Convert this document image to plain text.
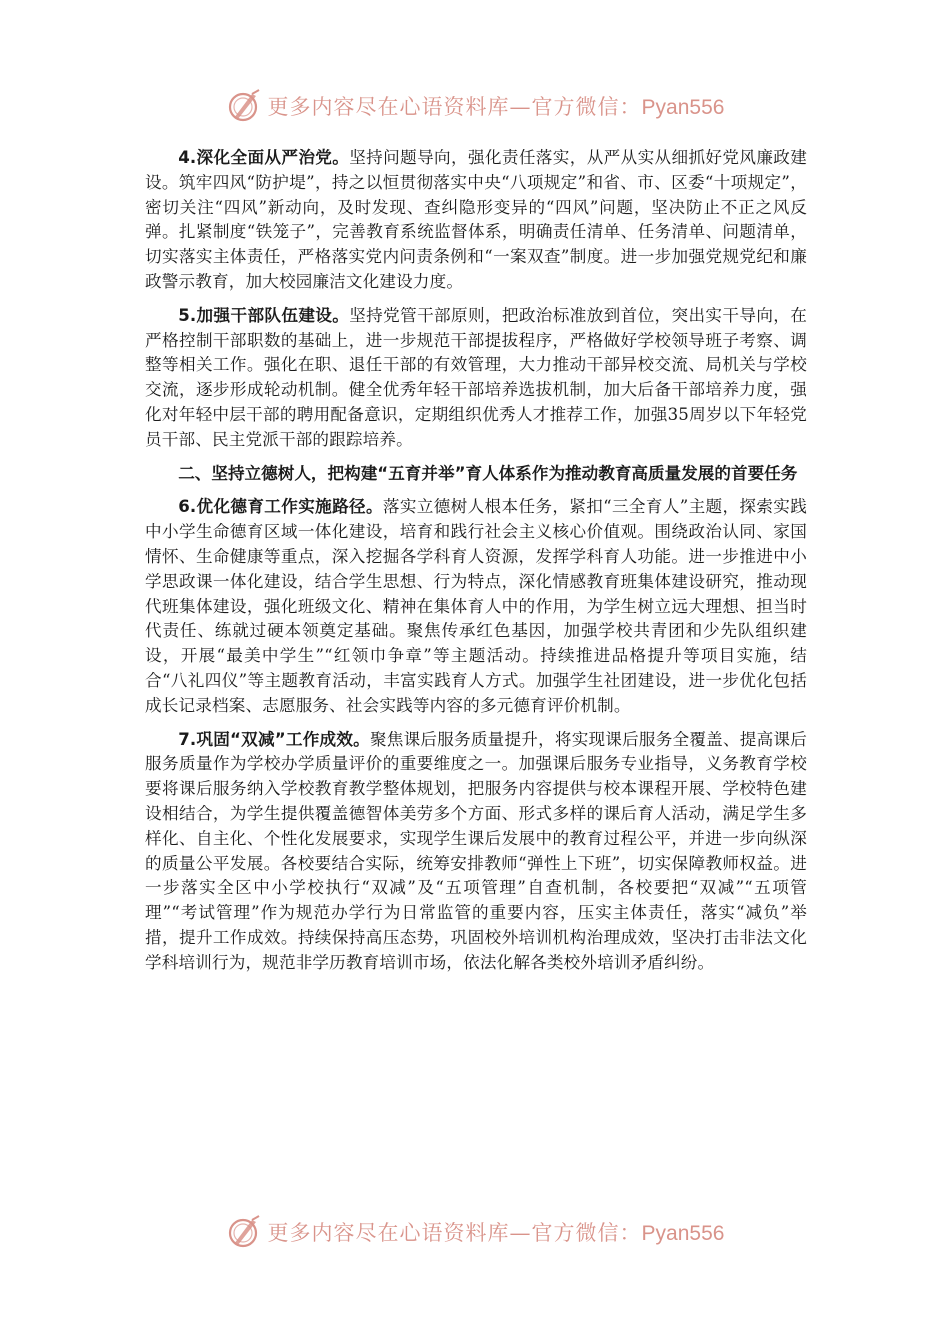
更多内容尽在心语资料库—官方微信：Pyan556

4.深化全面从严治党。坚持问题导向，强化责任落实，从严从实从细抓好党风廉政建设。筑牢四风“防护堤”，持之以恒贯彻落实中央“八项规定”和省、市、区委“十项规定”，密切关注“四风”新动向，及时发现、查纠隐形变异的“四风”问题，坚决防止不正之风反弹。扎紧制度“铁笼子”，完善教育系统监督体系，明确责任清单、任务清单、问题清单，切实落实主体责任，严格落实党内问责条例和“一案双查”制度。进一步加强党规党纪和廉政警示教育，加大校园廉洁文化建设力度。

5.加强干部队伍建设。坚持党管干部原则，把政治标准放到首位，突出实干导向，在严格控制干部职数的基础上，进一步规范干部提拔程序，严格做好学校领导班子考察、调整等相关工作。强化在职、退任干部的有效管理，大力推动干部异校交流、局机关与学校交流，逐步形成轮动机制。健全优秀年轻干部培养选拔机制，加大后备干部培养力度，强化对年轻中层干部的聘用配备意识，定期组织优秀人才推荐工作，加强35周岁以下年轻党员干部、民主党派干部的跟踪培养。

二、坚持立德树人，把构建“五育并举”育人体系作为推动教育高质量发展的首要任务

6.优化德育工作实施路径。落实立德树人根本任务，紧扣“三全育人”主题，探索实践中小学生命德育区域一体化建设，培育和践行社会主义核心价值观。围绕政治认同、家国情怀、生命健康等重点，深入挖掘各学科育人资源，发挥学科育人功能。进一步推进中小学思政课一体化建设，结合学生思想、行为特点，深化情感教育班集体建设研究，推动现代班集体建设，强化班级文化、精神在集体育人中的作用，为学生树立远大理想、担当时代责任、练就过硬本领奠定基础。聚焦传承红色基因，加强学校共青团和少先队组织建设，开展“最美中学生”“红领巾争章”等主题活动。持续推进品格提升等项目实施，结合“八礼四仪”等主题教育活动，丰富实践育人方式。加强学生社团建设，进一步优化包括成长记录档案、志愿服务、社会实践等内容的多元德育评价机制。

7.巩固“双减”工作成效。聚焦课后服务质量提升，将实现课后服务全覆盖、提高课后服务质量作为学校办学质量评价的重要维度之一。加强课后服务专业指导，义务教育学校要将课后服务纳入学校教育教学整体规划，把服务内容提供与校本课程开展、学校特色建设相结合，为学生提供覆盖德智体美劳多个方面、形式多样的课后育人活动，满足学生多样化、自主化、个性化发展要求，实现学生课后发展中的教育过程公平，并进一步向纵深的质量公平发展。各校要结合实际，统筹安排教师“弹性上下班”，切实保障教师权益。进一步落实全区中小学校执行“双减”及“五项管理”自查机制，各校要把“双减”“五项管理”“考试管理”作为规范办学行为日常监管的重要内容，压实主体责任，落实“减负”举措，提升工作成效。持续保持高压态势，巩固校外培训机构治理成效，坚决打击非法文化学科培训行为，规范非学历教育培训市场，依法化解各类校外培训矛盾纠纷。

更多内容尽在心语资料库—官方微信：Pyan556
